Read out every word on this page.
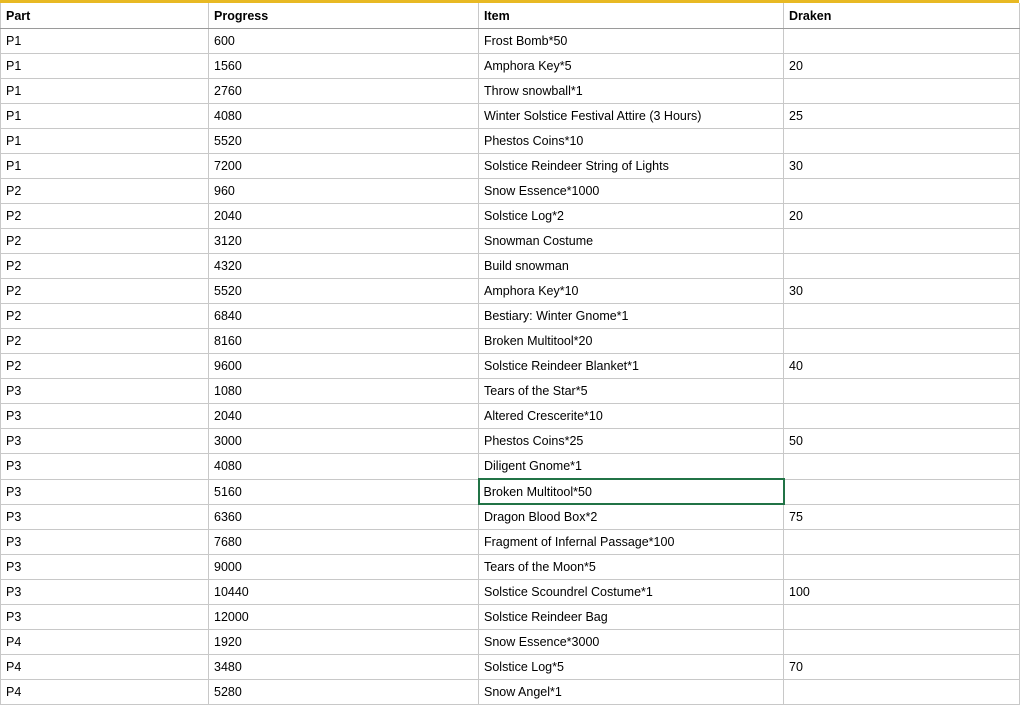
Part	Progress	Item	Draken
P1	600	Frost Bomb*50	
P1	1560	Amphora Key*5	20
P1	2760	Throw snowball*1	
P1	4080	Winter Solstice Festival Attire (3 Hours)	25
P1	5520	Phestos Coins*10	
P1	7200	Solstice Reindeer String of Lights	30
P2	960	Snow Essence*1000	
P2	2040	Solstice Log*2	20
P2	3120	Snowman Costume	
P2	4320	Build snowman	
P2	5520	Amphora Key*10	30
P2	6840	Bestiary: Winter Gnome*1	
P2	8160	Broken Multitool*20	
P2	9600	Solstice Reindeer Blanket*1	40
P3	1080	Tears of the Star*5	
P3	2040	Altered Crescerite*10	
P3	3000	Phestos Coins*25	50
P3	4080	Diligent Gnome*1	
P3	5160	Broken Multitool*50	
P3	6360	Dragon Blood Box*2	75
P3	7680	Fragment of Infernal Passage*100	
P3	9000	Tears of the Moon*5	
P3	10440	Solstice Scoundrel Costume*1	100
P3	12000	Solstice Reindeer Bag	
P4	1920	Snow Essence*3000	
P4	3480	Solstice Log*5	70
P4	5280	Snow Angel*1	
